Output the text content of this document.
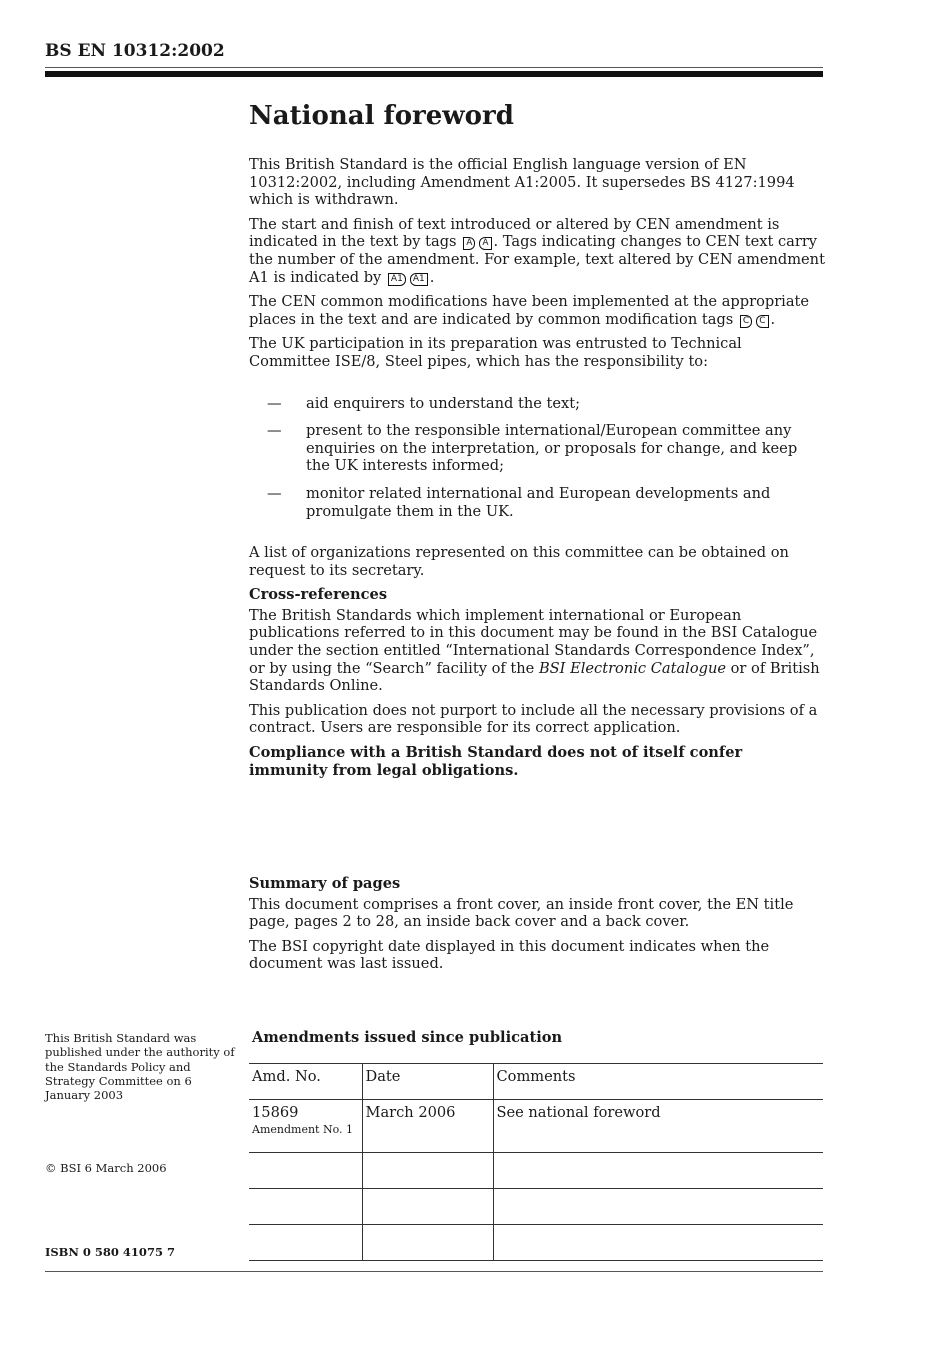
BS EN 10312:2002
National foreword

This British Standard is the official English language version of EN 10312:2002, including Amendment A1:2005. It supersedes BS 4127:1994 which is withdrawn.

The start and finish of text introduced or altered by CEN amendment is indicated in the text by tags A A . Tags indicating changes to CEN text carry the number of the amendment. For example, text altered by CEN amendment A1 is indicated by A1 A1 .

The CEN common modifications have been implemented at the appropriate places in the text and are indicated by common modification tags C C .

The UK participation in its preparation was entrusted to Technical Committee ISE/8, Steel pipes, which has the responsibility to:

—	aid enquirers to understand the text;
—	present to the responsible international/European committee any enquiries on the interpretation, or proposals for change, and keep the UK interests informed;
—	monitor related international and European developments and promulgate them in the UK.

A list of organizations represented on this committee can be obtained on request to its secretary.

Cross-references

The British Standards which implement international or European publications referred to in this document may be found in the BSI Catalogue under the section entitled “International Standards Correspondence Index”, or by using the “Search” facility of the BSI Electronic Catalogue or of British Standards Online.

This publication does not purport to include all the necessary provisions of a contract. Users are responsible for its correct application.

Compliance with a British Standard does not of itself confer immunity from legal obligations.

Summary of pages

This document comprises a front cover, an inside front cover, the EN title page, pages 2 to 28, an inside back cover and a back cover.

The BSI copyright date displayed in this document indicates when the document was last issued.

This British Standard was published under the authority of the Standards Policy and Strategy Committee on 6 January 2003
© BSI 6 March 2006
ISBN 0 580 41075 7
Amendments issued since publication
Amd. No.	Date	Comments
15869
Amendment No. 1	March 2006	See national foreword
